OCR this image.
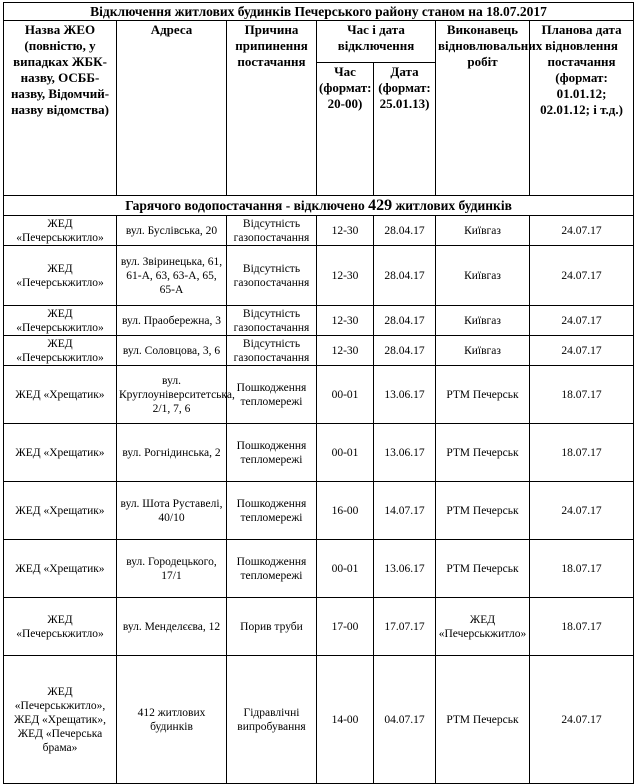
Відключення житлових будинків Печерського району станом на 18.07.2017						
Назва ЖЕО (повністю, у випадках ЖБК-назву, ОСББ-назву, Відомчий-назву відомства)	Адреса	Причина припинення постачання	Час і дата відключення		Виконавець відновлювальних робіт	Планова дата відновлення постачання (формат: 01.01.12; 02.01.12; і т.д.)
			Час (формат: 20-00)	Дата (формат: 25.01.13)		
Гарячого водопостачання - відключено 429 житлових будинків						
ЖЕД «Печерськжитло»	вул. Буслівська, 20	Відсутність газопостачання	12-30	28.04.17	Київгаз	24.07.17
ЖЕД «Печерськжитло»	вул. Звіринецька, 61, 61-А, 63, 63-А, 65, 65-А	Відсутність газопостачання	12-30	28.04.17	Київгаз	24.07.17
ЖЕД «Печерськжитло»	вул. Праобережна, 3	Відсутність газопостачання	12-30	28.04.17	Київгаз	24.07.17
ЖЕД «Печерськжитло»	вул. Соловцова, 3, 6	Відсутність газопостачання	12-30	28.04.17	Київгаз	24.07.17
ЖЕД «Хрещатик»	вул. Круглоуніверситетська, 2/1, 7, 6	Пошкодження тепломережі	00-01	13.06.17	РТМ Печерськ	18.07.17
ЖЕД «Хрещатик»	вул. Рогнідинська, 2	Пошкодження тепломережі	00-01	13.06.17	РТМ Печерськ	18.07.17
ЖЕД «Хрещатик»	вул. Шота Руставелі, 40/10	Пошкодження тепломережі	16-00	14.07.17	РТМ Печерськ	24.07.17
ЖЕД «Хрещатик»	вул. Городецького, 17/1	Пошкодження тепломережі	00-01	13.06.17	РТМ Печерськ	18.07.17
ЖЕД «Печерськжитло»	вул. Менделєєва, 12	Порив труби	17-00	17.07.17	ЖЕД «Печерськжитло»	18.07.17
ЖЕД «Печерськжитло», ЖЕД «Хрещатик», ЖЕД «Печерська брама»	412 житлових будинків	Гідравлічні випробування	14-00	04.07.17	РТМ Печерськ	24.07.17
